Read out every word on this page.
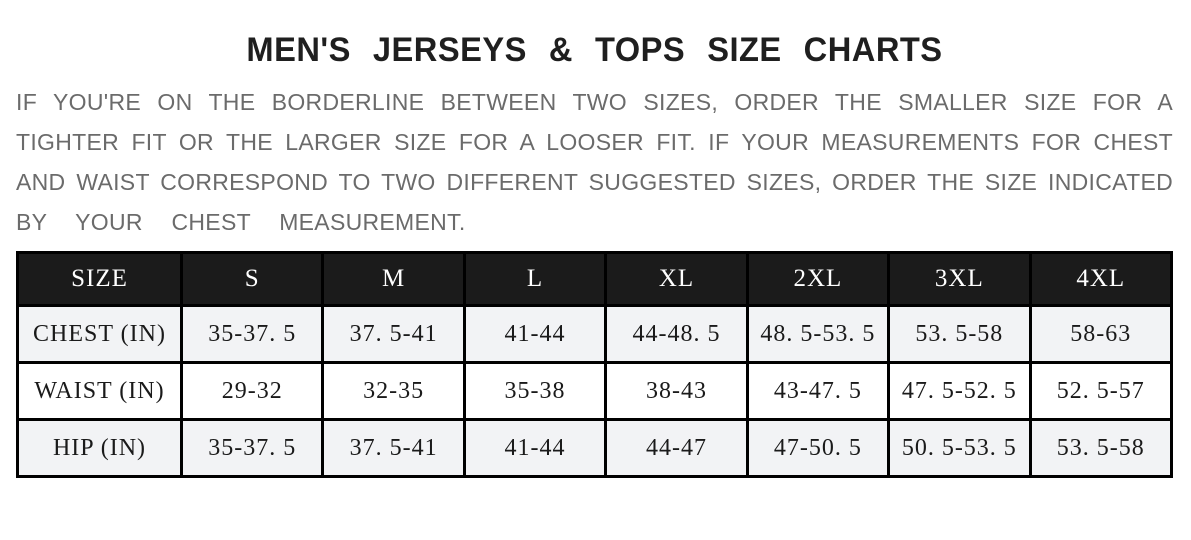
MEN'S JERSEYS & TOPS SIZE CHARTS
IF YOU'RE ON THE BORDERLINE BETWEEN TWO SIZES, ORDER THE SMALLER SIZE FOR A
TIGHTER FIT OR THE LARGER SIZE FOR A LOOSER FIT. IF YOUR MEASUREMENTS FOR CHEST
AND WAIST CORRESPOND TO TWO DIFFERENT SUGGESTED SIZES, ORDER THE SIZE INDICATED
BY YOUR CHEST MEASUREMENT.
SIZE	S	M	L	XL	2XL	3XL	4XL
CHEST (IN)	35-37. 5	37. 5-41	41-44	44-48. 5	48. 5-53. 5	53. 5-58	58-63
WAIST (IN)	29-32	32-35	35-38	38-43	43-47. 5	47. 5-52. 5	52. 5-57
HIP (IN)	35-37. 5	37. 5-41	41-44	44-47	47-50. 5	50. 5-53. 5	53. 5-58
